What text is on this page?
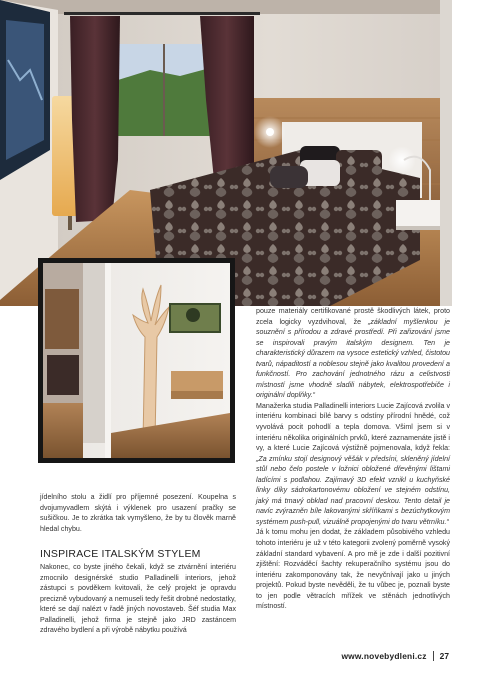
jídelního stolu a židlí pro příjemné posezení. Koupelna s dvojumyvadlem skýtá i výklenek pro usazení pračky se sušičkou. Je to zkrátka tak vymyšleno, že by tu člověk marně hledal chybu.

INSPIRACE ITALSKÝM STYLEM

Nakonec, co byste jiného čekali, když se ztvárnění interiéru zmocnilo designérské studio Palladinelli interiors, jehož zástupci s povděkem kvitovali, že celý projekt je opravdu precizně vybudovaný a nemuseli tedy řešit drobné nedostatky, které se dají nalézt v řadě jiných novostaveb. Šéf studia Max Palladinelli, jehož firma je stejně jako JRD zastáncem zdravého bydlení a při výrobě nábytku používá

pouze materiály certifikované prostě škodlivých látek, proto zcela logicky vyzdvihoval, že „základní myšlenkou je souznění s přírodou a zdravé prostředí. Při zařizování jsme se inspirovali pravým italským designem. Ten je charakteristický důrazem na vysoce estetický vzhled, čistotou tvarů, nápaditostí a noblesou stejně jako kvalitou provedení a funkčností. Pro zachování jednotného rázu a celistvosti místností jsme vhodně sladili nábytek, elektrospotřebiče i originální doplňky.“

Manažerka studia Palladinelli interiors Lucie Zajícová zvolila v interiéru kombinaci bílé barvy s odstíny přírodní hnědé, což vyvolává pocit pohodlí a tepla domova. Všiml jsem si v interiéru několika originálních prvků, které zaznamenáte jistě i vy, a které Lucie Zajícová výstižně pojmenovala, když řekla: „Za zmínku stojí designový věšák v předsíni, skleněný jídelní stůl nebo čelo postele v ložnici obložené dřevěnými lištami ladícími s podlahou. Zajímavý 3D efekt vznikl u kuchyňské linky díky sádrokartonovému obložení ve stejném odstínu, jaký má tmavý obklad nad pracovní deskou. Tento detail je navíc zvýrazněn bíle lakovanými skříňkami s bezúchytkovým systémem push-pull, vizuálně propojenými do tvaru větrníku.“

Já k tomu mohu jen dodat, že základem působivého vzhledu tohoto interiéru je už v této kategorii zvolený poměrně vysoký základní standard vybavení. A pro mě je zde i další pozitivní zjištění: Rozváděcí šachty rekuperačního systému jsou do interiéru zakomponovány tak, že nevyčnívají jako u jiných projektů. Pokud byste nevěděli, že tu vůbec je, poznali byste to jen podle větracích mřížek ve stěnách jednotlivých místností.

www.novebydleni.cz 27
